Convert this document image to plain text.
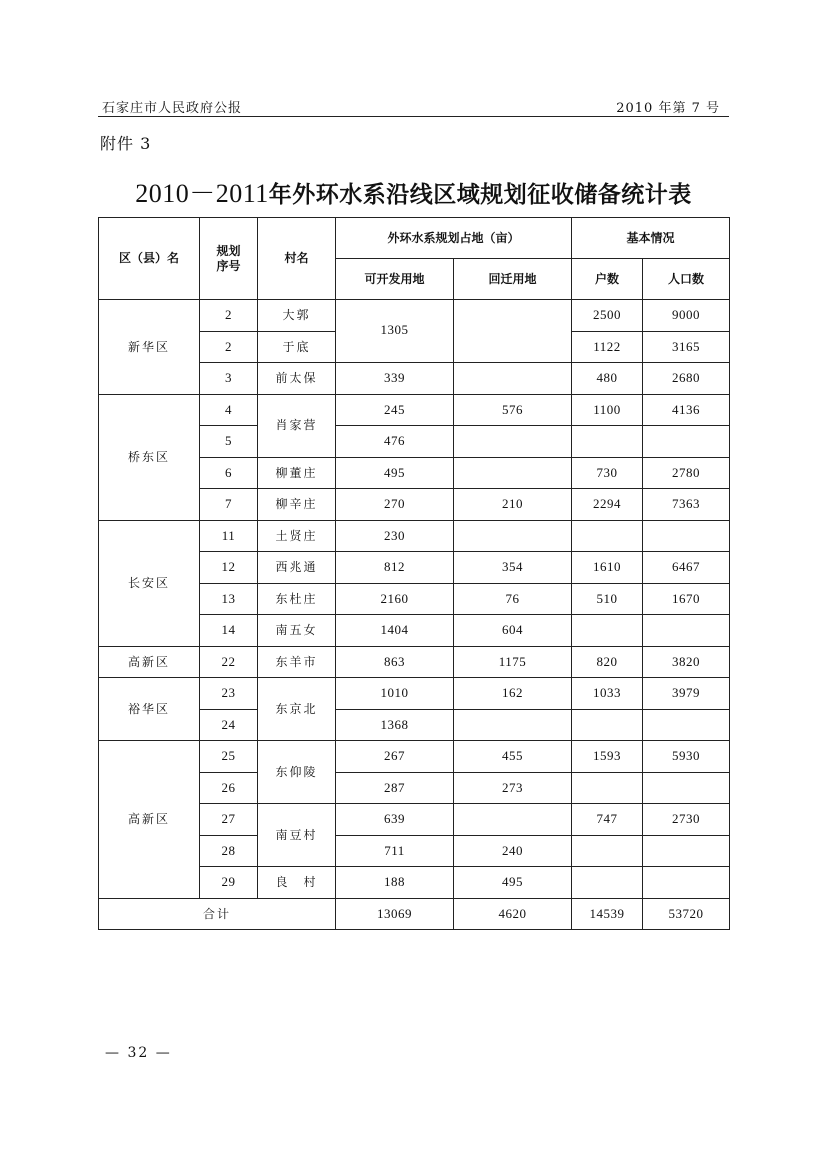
石家庄市人民政府公报	2010 年第 7 号
附件 3
2010－2011年外环水系沿线区域规划征收储备统计表
区（县）名	规划序号	村名	外环水系规划占地（亩）		基本情况	
			可开发用地	回迁用地	户数	人口数
新华区	2	大郭	1305		2500	9000
	2	于底			1122	3165
	3	前太保	339		480	2680
桥东区	4	肖家营	245	576	1100	4136
	5		476			
	6	柳董庄	495		730	2780
	7	柳辛庄	270	210	2294	7363
长安区	11	土贤庄	230			
	12	西兆通	812	354	1610	6467
	13	东杜庄	2160	76	510	1670
	14	南五女	1404	604		
高新区	22	东羊市	863	1175	820	3820
裕华区	23	东京北	1010	162	1033	3979
	24		1368			
高新区	25	东仰陵	267	455	1593	5930
	26		287	273		
	27	南豆村	639		747	2730
	28		711	240		
	29	良　村	188	495		
合计			13069	4620	14539	53720
— 32 —
